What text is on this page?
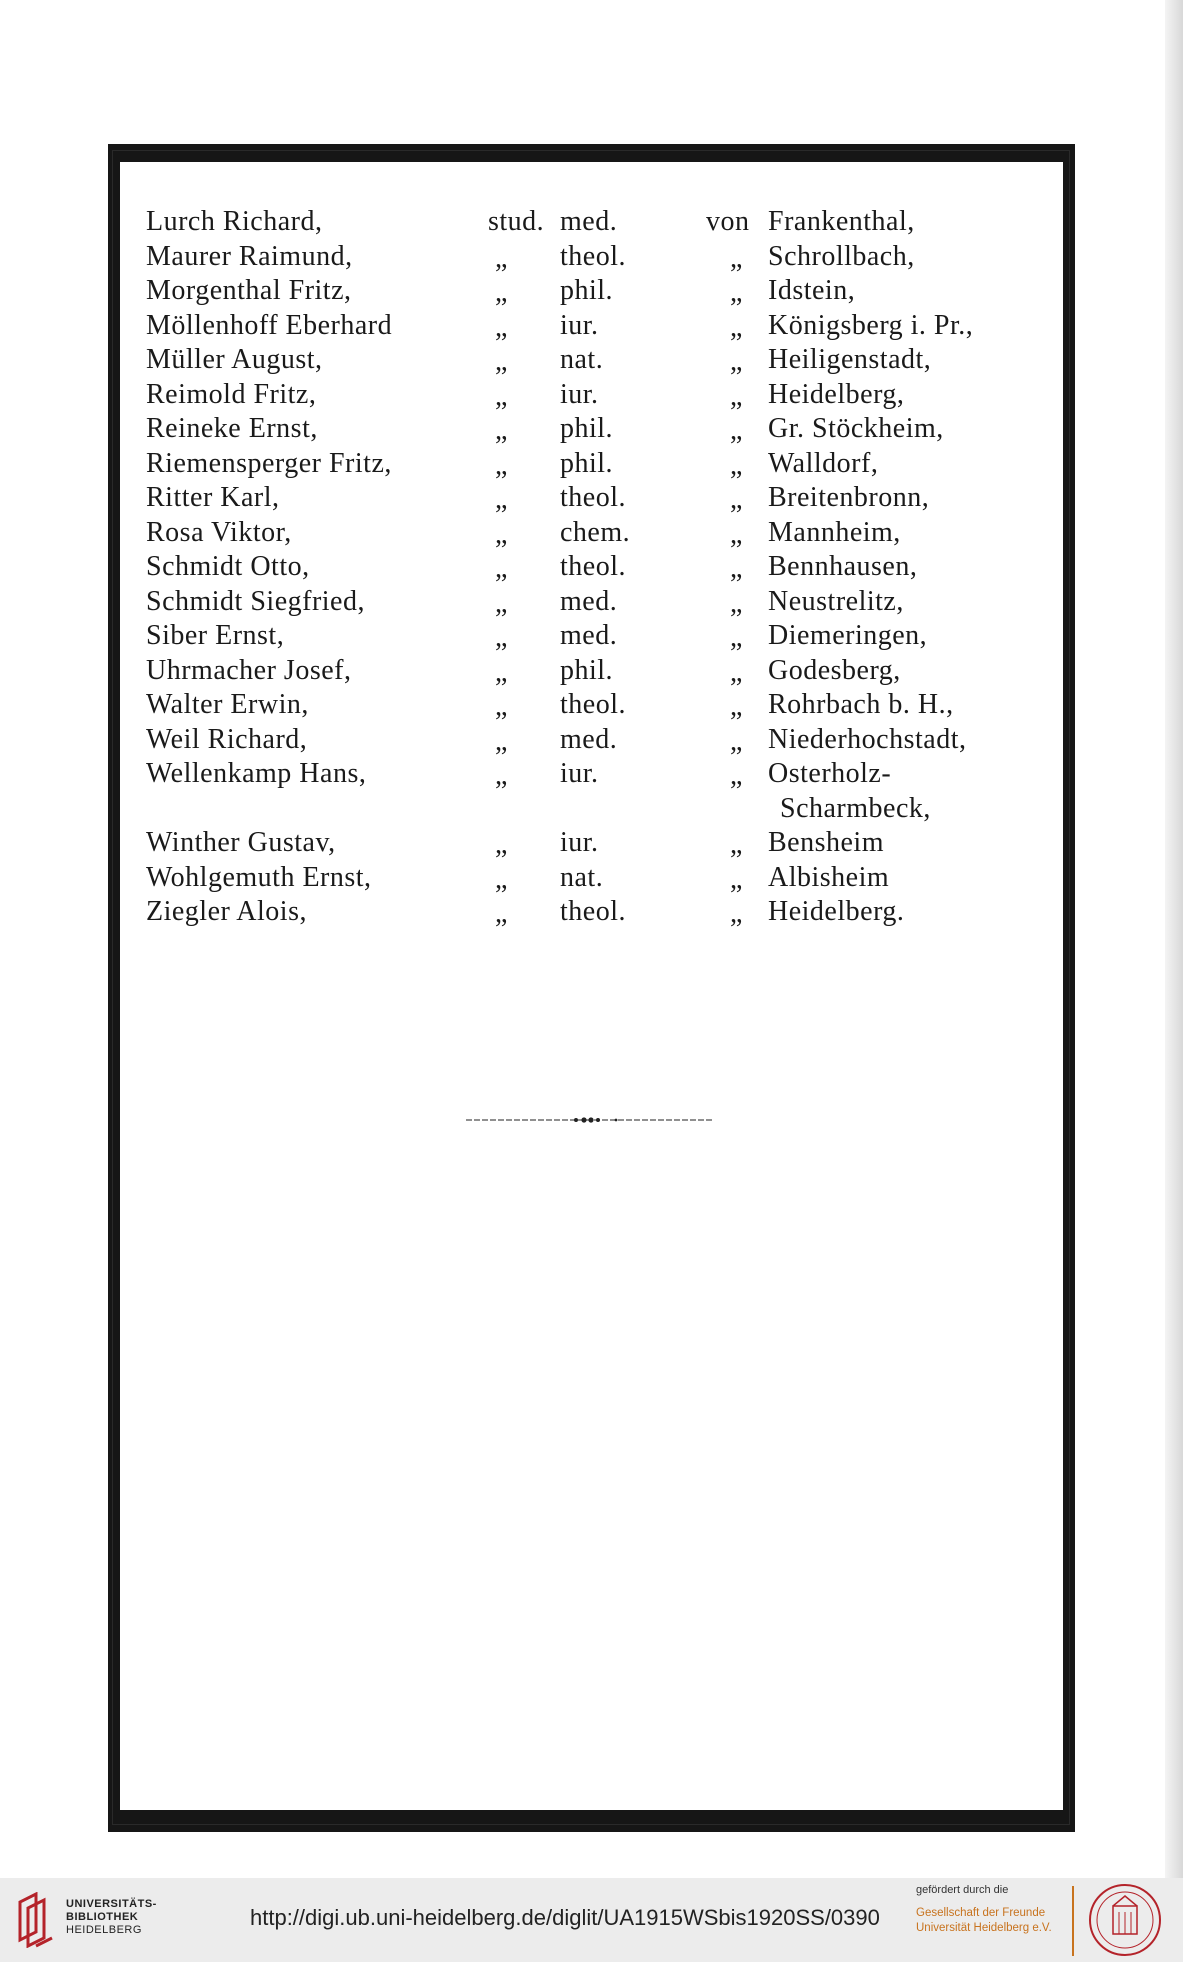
Lurch Richard,	stud. med.	von Frankenthal,
Maurer Raimund,	„ theol.	„ Schrollbach,
Morgenthal Fritz,	„ phil.	„ Idstein,
Möllenhoff Eberhard	„ iur.	„ Königsberg i. Pr.,
Müller August,	„ nat.	„ Heiligenstadt,
Reimold Fritz,	„ iur.	„ Heidelberg,
Reineke Ernst,	„ phil.	„ Gr. Stöckheim,
Riemensperger Fritz,	„ phil.	„ Walldorf,
Ritter Karl,	„ theol.	„ Breitenbronn,
Rosa Viktor,	„ chem.	„ Mannheim,
Schmidt Otto,	„ theol.	„ Bennhausen,
Schmidt Siegfried,	„ med.	„ Neustrelitz,
Siber Ernst,	„ med.	„ Diemeringen,
Uhrmacher Josef,	„ phil.	„ Godesberg,
Walter Erwin,	„ theol.	„ Rohrbach b. H.,
Weil Richard,	„ med.	„ Niederhochstadt,
Wellenkamp Hans,	„ iur.	„ Osterholz-
Scharmbeck,
Winther Gustav,	„ iur.	„ Bensheim
Wohlgemuth Ernst,	„ nat.	„ Albisheim
Ziegler Alois,	„ theol.	„ Heidelberg.
UNIVERSITÄTS-
BIBLIOTHEK
HEIDELBERG	http://digi.ub.uni-heidelberg.de/diglit/UA1915WSbis1920SS/0390
gefördert durch die
Gesellschaft der Freunde
Universität Heidelberg e.V.
